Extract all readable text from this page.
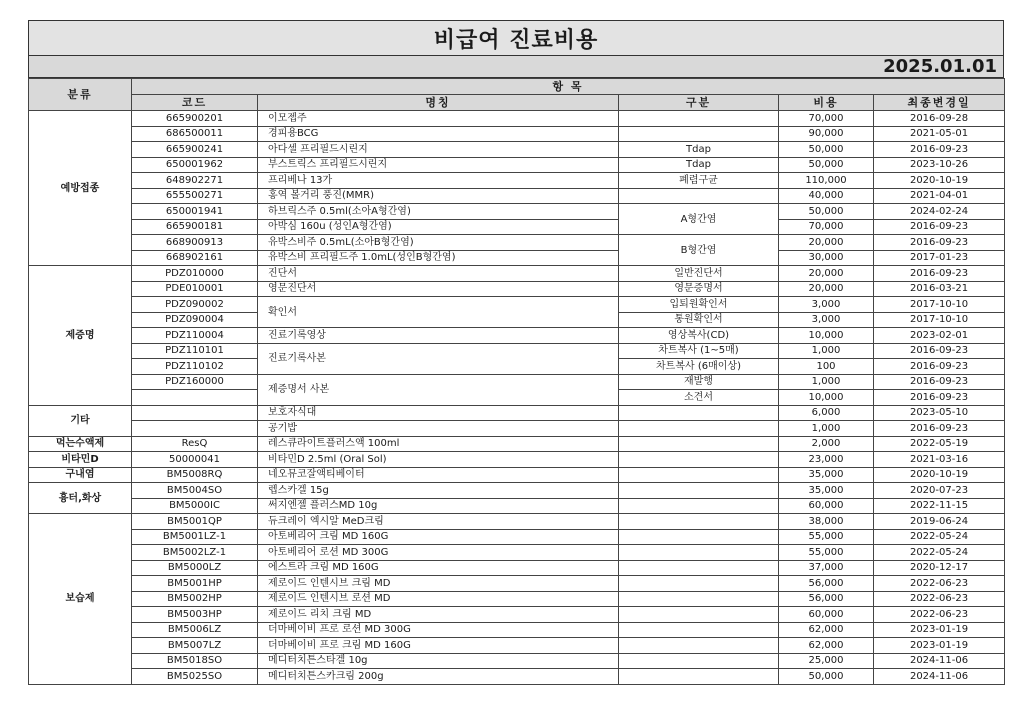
비급여 진료비용
2025.01.01
분류	항 목				
	코드	명칭	구분	비용	최종변경일
예방접종	665900201	이모젭주		70,000	2016-09-28
	686500011	경피용BCG		90,000	2021-05-01
	665900241	아다셀 프리필드시린지	Tdap	50,000	2016-09-23
	650001962	부스트릭스 프리필드시린지	Tdap	50,000	2023-10-26
	648902271	프리베나 13가	폐렴구균	110,000	2020-10-19
	655500271	홍역 볼거리 풍진(MMR)		40,000	2021-04-01
	650001941	하브릭스주 0.5ml(소아A형간염)	A형간염	50,000	2024-02-24
	665900181	아박심 160u (성인A형간염)		70,000	2016-09-23
	668900913	유박스비주 0.5mL(소아B형간염)	B형간염	20,000	2016-09-23
	668902161	유박스비 프리필드주 1.0mL(성인B형간염)		30,000	2017-01-23
제증명	PDZ010000	진단서	일반진단서	20,000	2016-09-23
	PDE010001	영문진단서	영문증명서	20,000	2016-03-21
	PDZ090002	확인서	입퇴원확인서	3,000	2017-10-10
	PDZ090004		통원확인서	3,000	2017-10-10
	PDZ110004	진료기록영상	영상복사(CD)	10,000	2023-02-01
	PDZ110101	진료기록사본	차트복사 (1~5매)	1,000	2016-09-23
	PDZ110102		차트복사 (6매이상)	100	2016-09-23
	PDZ160000	제증명서 사본	재발행	1,000	2016-09-23
			소견서	10,000	2016-09-23
기타		보호자식대		6,000	2023-05-10
		공기밥		1,000	2016-09-23
먹는수액제	ResQ	레스큐라이트플러스액 100ml		2,000	2022-05-19
비타민D	50000041	비타민D 2.5ml (Oral Sol)		23,000	2021-03-16
구내염	BM5008RQ	네오뮤코잘액티베이터		35,000	2020-10-19
흉터,화상	BM5004SO	렙스카겔 15g		35,000	2020-07-23
	BM5000IC	써지엔젤 플러스MD 10g		60,000	2022-11-15
보습제	BM5001QP	듀크레이 엑시알 MeD크림		38,000	2019-06-24
	BM5001LZ-1	아토베리어 크림 MD 160G		55,000	2022-05-24
	BM5002LZ-1	아토베리어 로션 MD 300G		55,000	2022-05-24
	BM5000LZ	에스트라 크림 MD 160G		37,000	2020-12-17
	BM5001HP	제로이드 인텐시브 크림 MD		56,000	2022-06-23
	BM5002HP	제로이드 인텐시브 로션 MD		56,000	2022-06-23
	BM5003HP	제로이드 리치 크림 MD		60,000	2022-06-23
	BM5006LZ	더마베이비 프로 로션 MD 300G		62,000	2023-01-19
	BM5007LZ	더마베이비 프로 크림 MD 160G		62,000	2023-01-19
	BM5018SO	메디터치튼스타겔 10g		25,000	2024-11-06
	BM5025SO	메디터치튼스카크림 200g		50,000	2024-11-06
